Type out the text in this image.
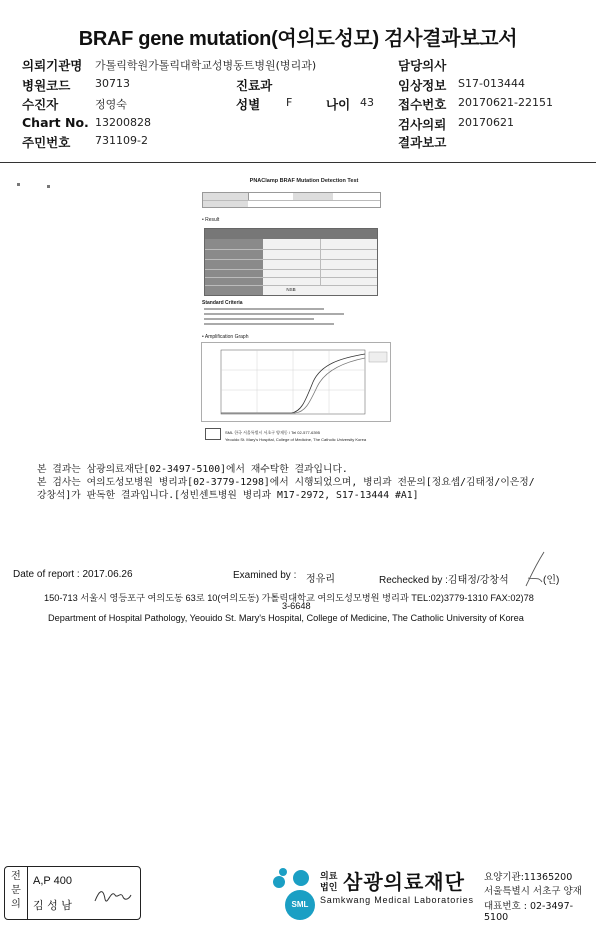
BRAF gene mutation(여의도성모) 검사결과보고서
의뢰기관명 가톨릭학원가톨릭대학교성병동트병원(병리과)	담당의사
병원코드 30713	진료과	임상정보 S17-013444
수진자	정영숙	성별 F	나이 43 접수번호 20170621-22151
Chart No. 13200828	검사의뢰 20170621
주민번호 731109-2	결과보고
PNAClamp BRAF Mutation Detection Test
• Result
NSB
Standard Criteria
• Amplification Graph
SML 한국 서울특별시 서초구 양재동 / Tel 02-577-6395
Yeouido St. Mary's Hospital, College of Medicine, The Catholic University Korea
본 결과는 삼광의료재단[02-3497-5100]에서 재수탁한 결과입니다.
본 검사는 여의도성모병원 병리과[02-3779-1298]에서 시행되었으며, 병리과 전문의[정요셉/김태정/이은정/
강창석]가 판독한 결과입니다.[성빈센트병원 병리과 M17-2972, S17-13444 #A1]
Date of report : 2017.06.26	Examined by : 정유리	Rechecked by :김태정/강창석	(인)
150-713 서울시 영등포구 여의도동 63로 10(여의도동) 가톨릭대학교 여의도성모병원 병리과 TEL:02)3779-1310 FAX:02)78
3-6648
Department of Hospital Pathology, Yeouido St. Mary's Hospital, College of Medicine, The Catholic University of Korea
전문의
A,P 400
김 성 남	SML
의료
법인 삼광의료재단
Samkwang Medical Laboratories
요양기관:11365200
서울특별시 서초구 양재
대표번호 : 02-3497-5100
